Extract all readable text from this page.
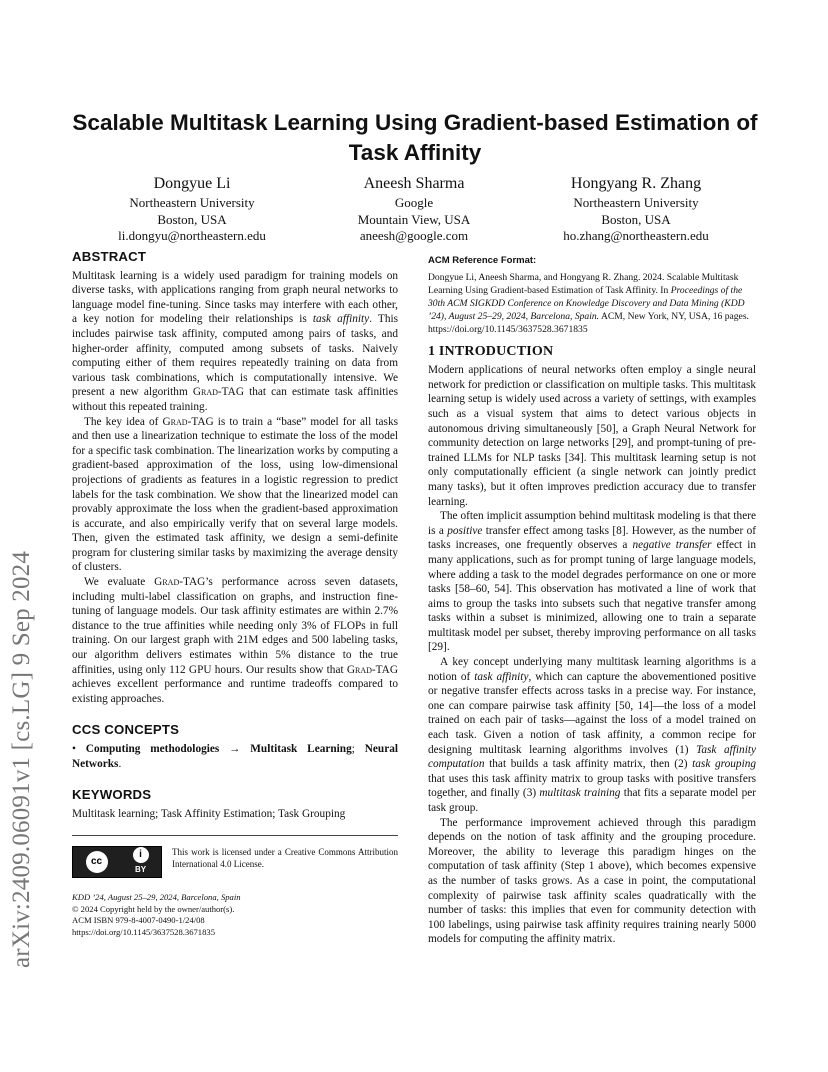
arXiv:2409.06091v1 [cs.LG] 9 Sep 2024
Scalable Multitask Learning Using Gradient-based Estimation of Task Affinity
Dongyue Li
Northeastern University
Boston, USA
li.dongyu@northeastern.edu
Aneesh Sharma
Google
Mountain View, USA
aneesh@google.com
Hongyang R. Zhang
Northeastern University
Boston, USA
ho.zhang@northeastern.edu
ABSTRACT

Multitask learning is a widely used paradigm for training models on diverse tasks, with applications ranging from graph neural networks to language model fine-tuning. Since tasks may interfere with each other, a key notion for modeling their relationships is task affinity. This includes pairwise task affinity, computed among pairs of tasks, and higher-order affinity, computed among subsets of tasks. Naively computing either of them requires repeatedly training on data from various task combinations, which is computationally intensive. We present a new algorithm Grad-TAG that can estimate task affinities without this repeated training.

The key idea of Grad-TAG is to train a “base” model for all tasks and then use a linearization technique to estimate the loss of the model for a specific task combination. The linearization works by computing a gradient-based approximation of the loss, using low-dimensional projections of gradients as features in a logistic regression to predict labels for the task combination. We show that the linearized model can provably approximate the loss when the gradient-based approximation is accurate, and also empirically verify that on several large models. Then, given the estimated task affinity, we design a semi-definite program for clustering similar tasks by maximizing the average density of clusters.

We evaluate Grad-TAG’s performance across seven datasets, including multi-label classification on graphs, and instruction fine-tuning of language models. Our task affinity estimates are within 2.7% distance to the true affinities while needing only 3% of FLOPs in full training. On our largest graph with 21M edges and 500 labeling tasks, our algorithm delivers estimates within 5% distance to the true affinities, using only 112 GPU hours. Our results show that Grad-TAG achieves excellent performance and runtime tradeoffs compared to existing approaches.

CCS CONCEPTS

• Computing methodologies → Multitask Learning; Neural Networks.

KEYWORDS

Multitask learning; Task Affinity Estimation; Task Grouping

cc
i
BY
This work is licensed under a Creative Commons Attribution International 4.0 License.
KDD ’24, August 25–29, 2024, Barcelona, Spain
© 2024 Copyright held by the owner/author(s).
ACM ISBN 979-8-4007-0490-1/24/08
https://doi.org/10.1145/3637528.3671835
ACM Reference Format:
Dongyue Li, Aneesh Sharma, and Hongyang R. Zhang. 2024. Scalable Multitask Learning Using Gradient-based Estimation of Task Affinity. In Proceedings of the 30th ACM SIGKDD Conference on Knowledge Discovery and Data Mining (KDD ’24), August 25–29, 2024, Barcelona, Spain. ACM, New York, NY, USA, 16 pages. https://doi.org/10.1145/3637528.3671835
1 INTRODUCTION

Modern applications of neural networks often employ a single neural network for prediction or classification on multiple tasks. This multitask learning setup is widely used across a variety of settings, with examples such as a visual system that aims to detect various objects in autonomous driving simultaneously [50], a Graph Neural Network for community detection on large networks [29], and prompt-tuning of pre-trained LLMs for NLP tasks [34]. This multitask learning setup is not only computationally efficient (a single network can jointly predict many tasks), but it often improves prediction accuracy due to transfer learning.

The often implicit assumption behind multitask modeling is that there is a positive transfer effect among tasks [8]. However, as the number of tasks increases, one frequently observes a negative transfer effect in many applications, such as for prompt tuning of large language models, where adding a task to the model degrades performance on one or more tasks [58–60, 54]. This observation has motivated a line of work that aims to group the tasks into subsets such that negative transfer among tasks within a subset is minimized, allowing one to train a separate multitask model per subset, thereby improving performance on all tasks [29].

A key concept underlying many multitask learning algorithms is a notion of task affinity, which can capture the abovementioned positive or negative transfer effects across tasks in a precise way. For instance, one can compare pairwise task affinity [50, 14]—the loss of a model trained on each pair of tasks—against the loss of a model trained on each task. Given a notion of task affinity, a common recipe for designing multitask learning algorithms involves (1) Task affinity computation that builds a task affinity matrix, then (2) task grouping that uses this task affinity matrix to group tasks with positive transfers together, and finally (3) multitask training that fits a separate model per task group.

The performance improvement achieved through this paradigm depends on the notion of task affinity and the grouping procedure. Moreover, the ability to leverage this paradigm hinges on the computation of task affinity (Step 1 above), which becomes expensive as the number of tasks grows. As a case in point, the computational complexity of pairwise task affinity scales quadratically with the number of tasks: this implies that even for community detection with 100 labelings, using pairwise task affinity requires training nearly 5000 models for computing the affinity matrix.
